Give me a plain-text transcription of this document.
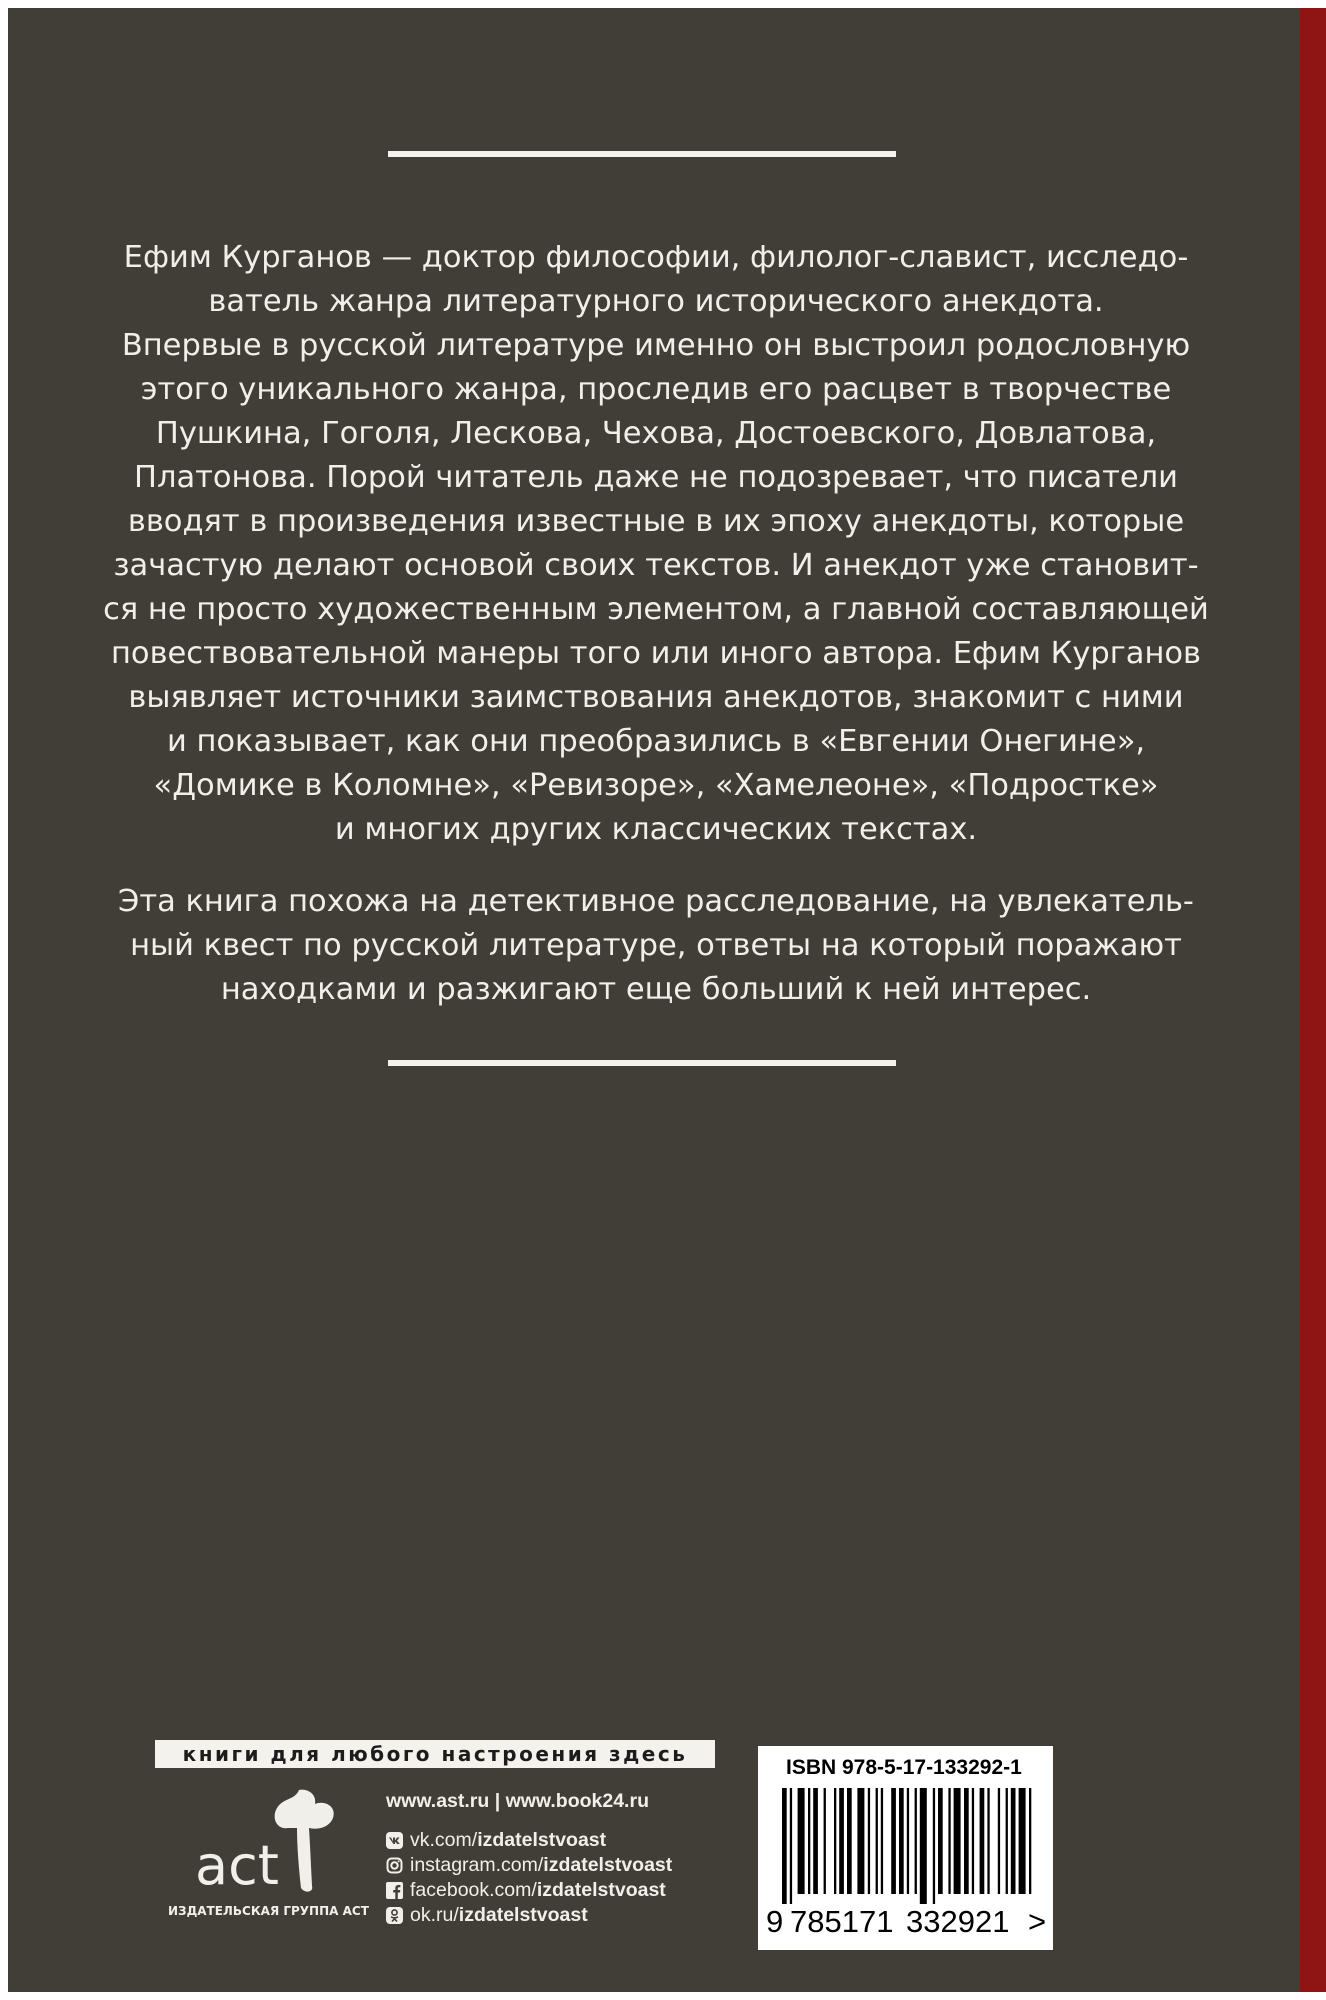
Ефим Курганов — доктор философии, филолог-славист, исследо-
ватель жанра литературного исторического анекдота.
Впервые в русской литературе именно он выстроил родословную
этого уникального жанра, проследив его расцвет в творчестве
Пушкина, Гоголя, Лескова, Чехова, Достоевского, Довлатова,
Платонова. Порой читатель даже не подозревает, что писатели
вводят в произведения известные в их эпоху анекдоты, которые
зачастую делают основой своих текстов. И анекдот уже становит-
ся не просто художественным элементом, а главной составляющей
повествовательной манеры того или иного автора. Ефим Курганов
выявляет источники заимствования анекдотов, знакомит с ними
и показывает, как они преобразились в «Евгении Онегине»,
«Домике в Коломне», «Ревизоре», «Хамелеоне», «Подростке»
и многих других классических текстах.
Эта книга похожа на детективное расследование, на увлекатель-
ный квест по русской литературе, ответы на который поражают
находками и разжигают еще больший к ней интерес.
книги для любого настроения здесь
act
ИЗДАТЕЛЬСКАЯ ГРУППА АСТ
www.ast.ru | www.book24.ru
vk.com/ izdatelstvoast
instagram.com/ izdatelstvoast
facebook.com/ izdatelstvoast
ok.ru/ izdatelstvoast
ISBN 978-5-17-133292-1
9 785171 332921 >
